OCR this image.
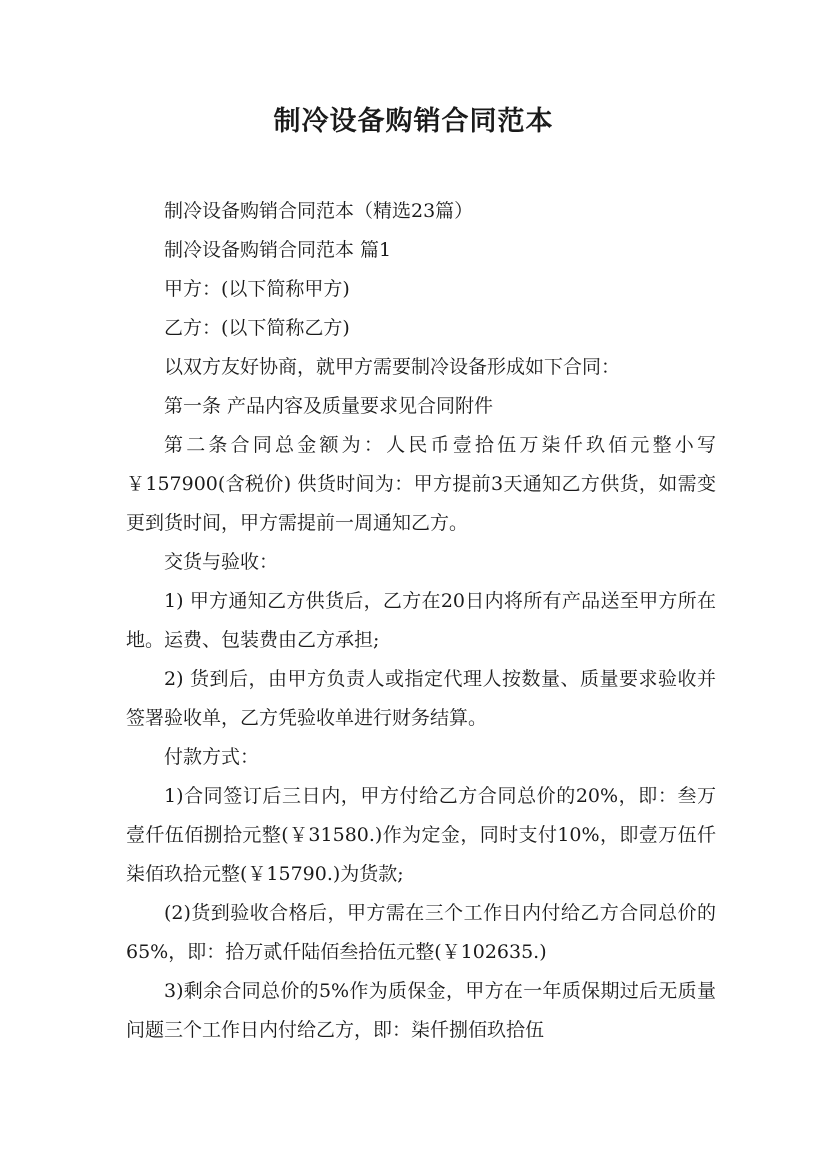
制冷设备购销合同范本

制冷设备购销合同范本（精选23篇）

制冷设备购销合同范本 篇1

甲方：(以下简称甲方)

乙方：(以下简称乙方)

以双方友好协商，就甲方需要制冷设备形成如下合同：

第一条 产品内容及质量要求见合同附件

第二条合同总金额为：人民币壹拾伍万柒仟玖佰元整小写￥157900(含税价) 供货时间为：甲方提前3天通知乙方供货，如需变更到货时间，甲方需提前一周通知乙方。

交货与验收：

1) 甲方通知乙方供货后，乙方在20日内将所有产品送至甲方所在地。运费、包装费由乙方承担;

2) 货到后，由甲方负责人或指定代理人按数量、质量要求验收并签署验收单，乙方凭验收单进行财务结算。

付款方式：

1)合同签订后三日内，甲方付给乙方合同总价的20%，即：叁万壹仟伍佰捌拾元整(￥31580.)作为定金，同时支付10%，即壹万伍仟柒佰玖拾元整(￥15790.)为货款;

(2)货到验收合格后，甲方需在三个工作日内付给乙方合同总价的65%，即：拾万贰仟陆佰叁拾伍元整(￥102635.)

3)剩余合同总价的5%作为质保金，甲方在一年质保期过后无质量问题三个工作日内付给乙方，即：柒仟捌佰玖拾伍
